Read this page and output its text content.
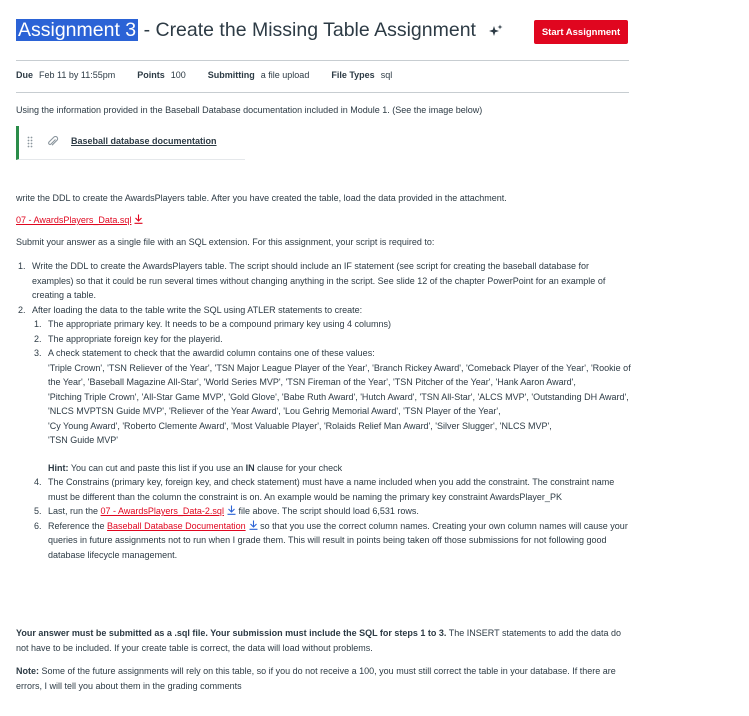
Assignment 3 - Create the Missing Table Assignment	Start Assignment
Due Feb 11 by 11:55pm Points 100 Submitting a file upload File Types sql
Using the information provided in the Baseball Database documentation included in Module 1. (See the image below)
Baseball database documentation
write the DDL to create the AwardsPlayers table. After you have created the table, load the data provided in the attachment.
07 - AwardsPlayers_Data.sql
Submit your answer as a single file with an SQL extension. For this assignment, your script is required to:
1. Write the DDL to create the AwardsPlayers table. The script should include an IF statement (see script for creating the baseball database for examples) so that it could be run several times without changing anything in the script. See slide 12 of the chapter PowerPoint for an example of creating a table.
2. After loading the data to the table write the SQL using ATLER statements to create:
1. The appropriate primary key. It needs to be a compound primary key using 4 columns)
2. The appropriate foreign key for the playerid.
3. A check statement to check that the awardid column contains one of these values:
'Triple Crown', 'TSN Reliever of the Year', 'TSN Major League Player of the Year', 'Branch Rickey Award', 'Comeback Player of the Year', 'Rookie of the Year', 'Baseball Magazine All-Star', 'World Series MVP', 'TSN Fireman of the Year', 'TSN Pitcher of the Year', 'Hank Aaron Award',
'Pitching Triple Crown', 'All-Star Game MVP', 'Gold Glove', 'Babe Ruth Award', 'Hutch Award', 'TSN All-Star', 'ALCS MVP', 'Outstanding DH Award', 'NLCS MVPTSN Guide MVP', 'Reliever of the Year Award', 'Lou Gehrig Memorial Award', 'TSN Player of the Year',
'Cy Young Award', 'Roberto Clemente Award', 'Most Valuable Player', 'Rolaids Relief Man Award', 'Silver Slugger', 'NLCS MVP',
'TSN Guide MVP'
Hint: You can cut and paste this list if you use an IN clause for your check
4. The Constrains (primary key, foreign key, and check statement) must have a name included when you add the constraint. The constraint name must be different than the column the constraint is on. An example would be naming the primary key constraint AwardsPlayer_PK
5. Last, run the 07 - AwardsPlayers_Data-2.sql file above. The script should load 6,531 rows.
6. Reference the Baseball Database Documentation so that you use the correct column names. Creating your own column names will cause your queries in future assignments not to run when I grade them. This will result in points being taken off those submissions for not following good database lifecycle management.
Your answer must be submitted as a .sql file. Your submission must include the SQL for steps 1 to 3. The INSERT statements to add the data do not have to be included. If your create table is correct, the data will load without problems.
Note: Some of the future assignments will rely on this table, so if you do not receive a 100, you must still correct the table in your database. If there are errors, I will tell you about them in the grading comments
